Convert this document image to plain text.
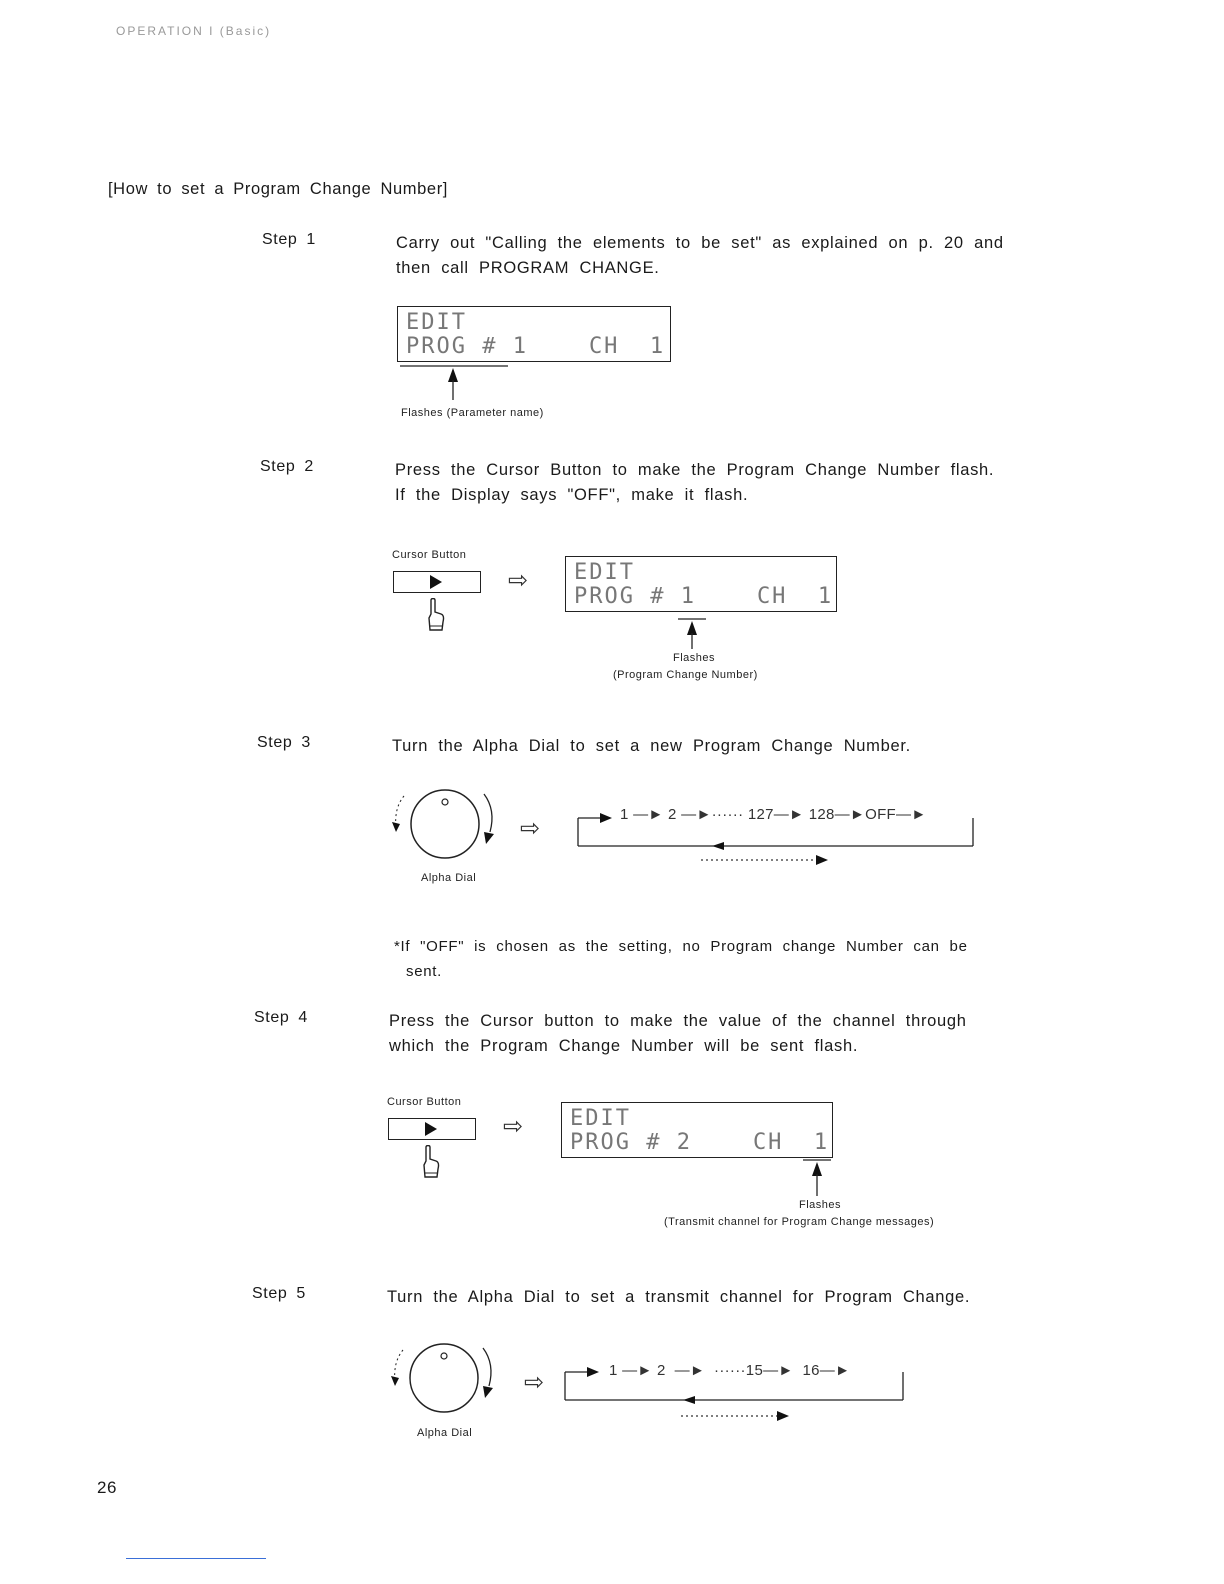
OPERATION I (Basic)
[How to set a Program Change Number]
Step 1	Carry out "Calling the elements to be set" as explained on p. 20 and
then call PROGRAM CHANGE.
EDIT
PROG # 1    CH  1
Flashes (Parameter name)
Step 2	Press the Cursor Button to make the Program Change Number flash.
If the Display says "OFF", make it flash.
Cursor Button
⇨ EDIT
PROG # 1    CH  1
Flashes
(Program Change Number)
Step 3	Turn the Alpha Dial to set a new Program Change Number.
Alpha Dial
⇨
1 ―► 2 ―►······ 127―► 128―►OFF―►
*If "OFF" is chosen as the setting, no Program change Number can be
sent.
Step 4	Press the Cursor button to make the value of the channel through
which the Program Change Number will be sent flash.
Cursor Button
⇨ EDIT
PROG # 2    CH  1
Flashes
(Transmit channel for Program Change messages)
Step 5	Turn the Alpha Dial to set a transmit channel for Program Change.
Alpha Dial
⇨	1 ―► 2  ―►  ······15―►  16―►
26
